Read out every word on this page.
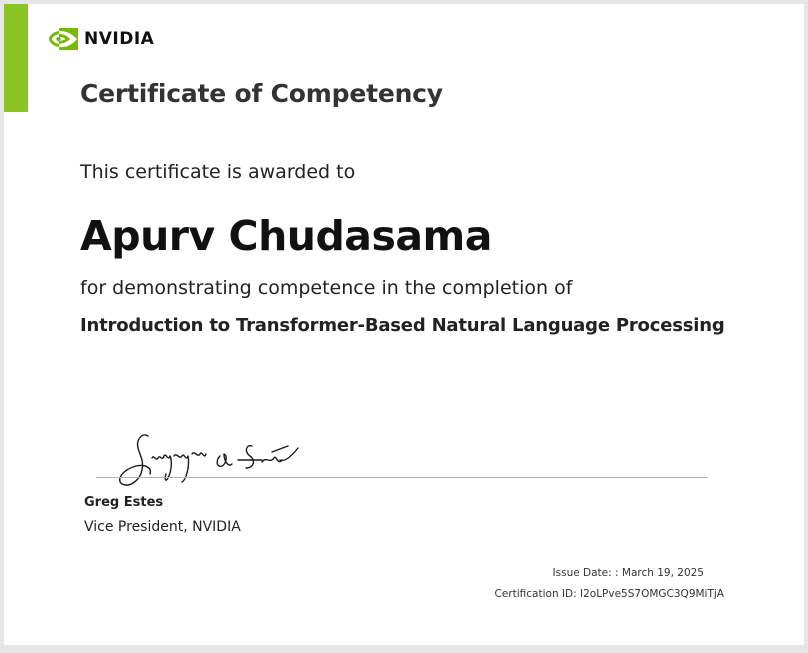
NVIDIA
Certificate of Competency
This certificate is awarded to
Apurv Chudasama
for demonstrating competence in the completion of
Introduction to Transformer-Based Natural Language Processing
Greg Estes
Vice President, NVIDIA
Issue Date: : March 19, 2025
Certification ID: I2oLPve5S7OMGC3Q9MiTjA
